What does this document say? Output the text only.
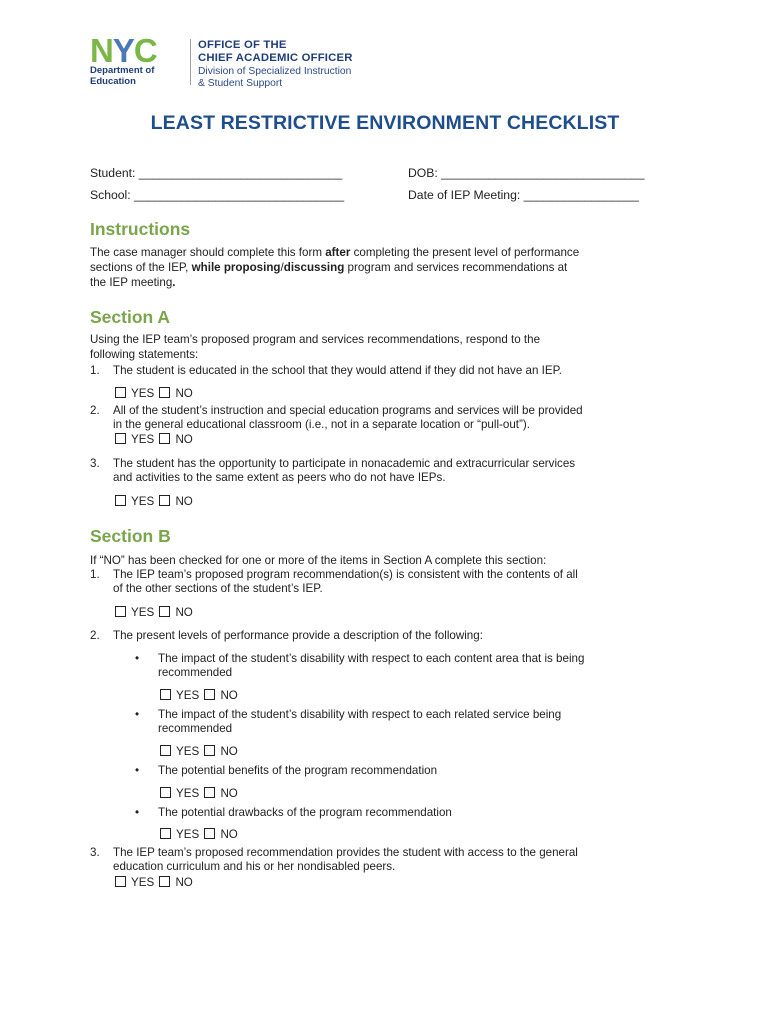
NYC
Department of
Education
OFFICE OF THE
CHIEF ACADEMIC OFFICER
Division of Specialized Instruction
& Student Support
LEAST RESTRICTIVE ENVIRONMENT CHECKLIST
Student: ______________________________	DOB: ______________________________
School: _______________________________	Date of IEP Meeting: _________________
Instructions
The case manager should complete this form after completing the present level of performance
sections of the IEP, while proposing/discussing program and services recommendations at
the IEP meeting.
Section A
Using the IEP team’s proposed program and services recommendations, respond to the
following statements:
1. The student is educated in the school that they would attend if they did not have an IEP.
YES NO
2. All of the student’s instruction and special education programs and services will be provided
in the general educational classroom (i.e., not in a separate location or “pull-out”).
YES NO
3. The student has the opportunity to participate in nonacademic and extracurricular services
and activities to the same extent as peers who do not have IEPs.
YES NO
Section B
If “NO” has been checked for one or more of the items in Section A complete this section:
1. The IEP team’s proposed program recommendation(s) is consistent with the contents of all
of the other sections of the student’s IEP.
YES NO
2. The present levels of performance provide a description of the following:
• The impact of the student’s disability with respect to each content area that is being
recommended
YES NO
• The impact of the student’s disability with respect to each related service being
recommended
YES NO
• The potential benefits of the program recommendation
YES NO
• The potential drawbacks of the program recommendation
YES NO
3. The IEP team’s proposed recommendation provides the student with access to the general
education curriculum and his or her nondisabled peers.
YES NO
